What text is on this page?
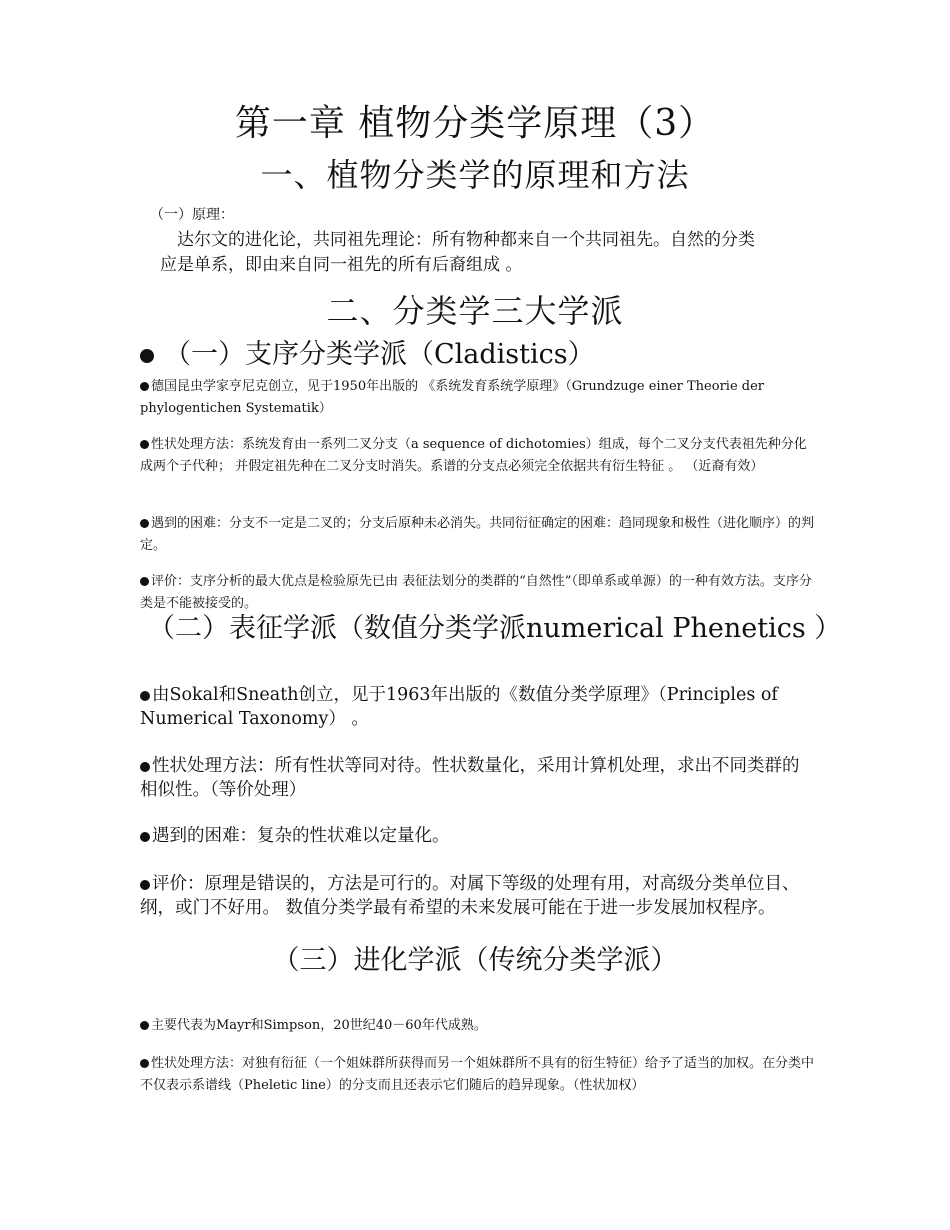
第一章 植物分类学原理（3）
一、植物分类学的原理和方法
（一）原理：
达尔文的进化论，共同祖先理论：所有物种都来自一个共同祖先。自然的分类
应是单系，即由来自同一祖先的所有后裔组成 。
二、分类学三大学派
（一）支序分类学派（Cladistics）
德国昆虫学家亨尼克创立，见于1950年出版的 《系统发育系统学原理》（Grundzuge einer Theorie der phylogentichen Systematik）
性状处理方法：系统发育由一系列二叉分支（a sequence of dichotomies）组成，每个二叉分支代表祖先种分化成两个子代种； 并假定祖先种在二叉分支时消失。系谱的分支点必须完全依据共有衍生特征 。 （近裔有效）
遇到的困难：分支不一定是二叉的；分支后原种未必消失。共同衍征确定的困难：趋同现象和极性（进化顺序）的判定。
评价：支序分析的最大优点是检验原先已由 表征法划分的类群的“自然性”（即单系或单源）的一种有效方法。支序分类是不能被接受的。
（二）表征学派（数值分类学派numerical Phenetics ）
由Sokal和Sneath创立，见于1963年出版的《数值分类学原理》（Principles of Numerical Taxonomy） 。
性状处理方法：所有性状等同对待。性状数量化，采用计算机处理，求出不同类群的相似性。（等价处理）
遇到的困难：复杂的性状难以定量化。
评价：原理是错误的，方法是可行的。对属下等级的处理有用，对高级分类单位目、纲，或门不好用。 数值分类学最有希望的未来发展可能在于进一步发展加权程序。
（三）进化学派（传统分类学派）
主要代表为Mayr和Simpson，20世纪40－60年代成熟。
性状处理方法：对独有衍征（一个姐妹群所获得而另一个姐妹群所不具有的衍生特征）给予了适当的加权。在分类中不仅表示系谱线（Pheletic line）的分支而且还表示它们随后的趋异现象。（性状加权）
